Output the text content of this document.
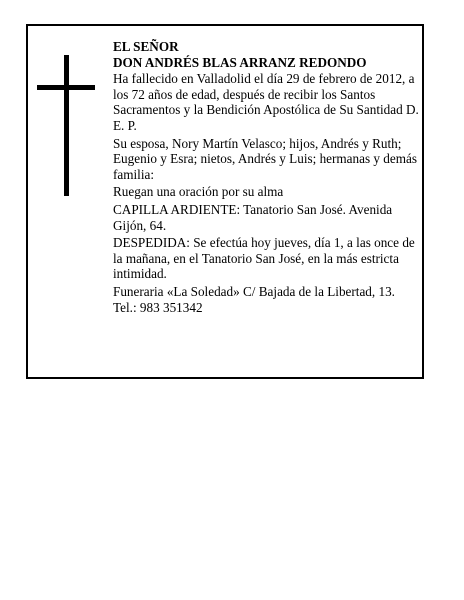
EL SEÑOR

DON ANDRÉS BLAS ARRANZ REDONDO

Ha fallecido en Valladolid el día 29 de febrero de 2012, a los 72 años de edad, después de recibir los Santos Sacramentos y la Bendición Apostólica de Su Santidad D. E. P.

Su esposa, Nory Martín Velasco; hijos, Andrés y Ruth; Eugenio y Esra; nietos, Andrés y Luis; hermanas y demás familia:

Ruegan una oración por su alma

CAPILLA ARDIENTE: Tanatorio San José. Avenida Gijón, 64.

DESPEDIDA: Se efectúa hoy jueves, día 1, a las once de la mañana, en el Tanatorio San José, en la más estricta intimidad.

Funeraria «La Soledad» C/ Bajada de la Libertad, 13. Tel.: 983 351342
